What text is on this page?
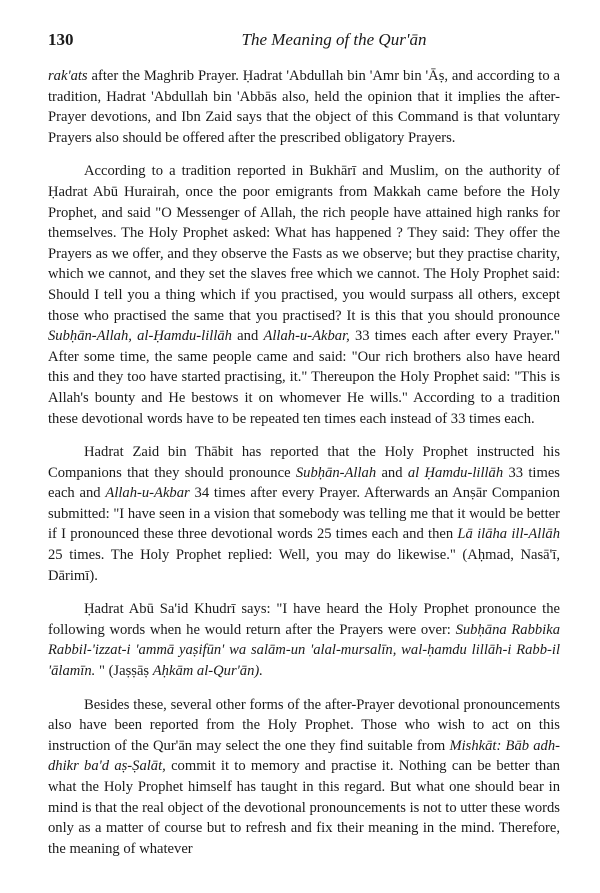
130	The Meaning of the Qur'ān

rak'ats after the Maghrib Prayer. Ḥadrat 'Abdullah bin 'Amr bin 'Āṣ, and according to a tradition, Hadrat 'Abdullah bin 'Abbās also, held the opinion that it implies the after-Prayer devotions, and Ibn Zaid says that the object of this Command is that voluntary Prayers also should be offered after the prescribed obligatory Prayers.

According to a tradition reported in Bukhārī and Muslim, on the authority of Ḥadrat Abū Hurairah, once the poor emigrants from Makkah came before the Holy Prophet, and said "O Messenger of Allah, the rich people have attained high ranks for themselves. The Holy Prophet asked: What has happened ? They said: They offer the Prayers as we offer, and they observe the Fasts as we observe; but they practise charity, which we cannot, and they set the slaves free which we cannot. The Holy Prophet said: Should I tell you a thing which if you practised, you would surpass all others, except those who practised the same that you practised? It is this that you should pronounce Subḥān-Allah, al-Ḥamdu-lillāh and Allah-u-Akbar, 33 times each after every Prayer." After some time, the same people came and said: "Our rich brothers also have heard this and they too have started practising, it." Thereupon the Holy Prophet said: "This is Allah's bounty and He bestows it on whomever He wills." According to a tradition these devotional words have to be repeated ten times each instead of 33 times each.

Hadrat Zaid bin Thābit has reported that the Holy Prophet instructed his Companions that they should pronounce Subḥān-Allah and al Ḥamdu-lillāh 33 times each and Allah-u-Akbar 34 times after every Prayer. Afterwards an Anṣār Companion submitted: "I have seen in a vision that somebody was telling me that it would be better if I pronounced these three devotional words 25 times each and then Lā ilāha ill-Allāh 25 times. The Holy Prophet replied: Well, you may do likewise." (Aḥmad, Nasā'ī, Dārimī).

Ḥadrat Abū Sa'id Khudrī says: "I have heard the Holy Prophet pronounce the following words when he would return after the Prayers were over: Subḥāna Rabbika Rabbil-'izzat-i 'ammā yaṣifūn' wa salām-un 'alal-mursalīn, wal-ḥamdu lillāh-i Rabb-il 'ālamīn. " (Jaṣṣāṣ Aḥkām al-Qur'ān).

Besides these, several other forms of the after-Prayer devotional pronouncements also have been reported from the Holy Prophet. Those who wish to act on this instruction of the Qur'ān may select the one they find suitable from Mishkāt: Bāb adh-dhikr ba'd aṣ-Ṣalāt, commit it to memory and practise it. Nothing can be better than what the Holy Prophet himself has taught in this regard. But what one should bear in mind is that the real object of the devotional pronouncements is not to utter these words only as a matter of course but to refresh and fix their meaning in the mind. Therefore, the meaning of whatever
